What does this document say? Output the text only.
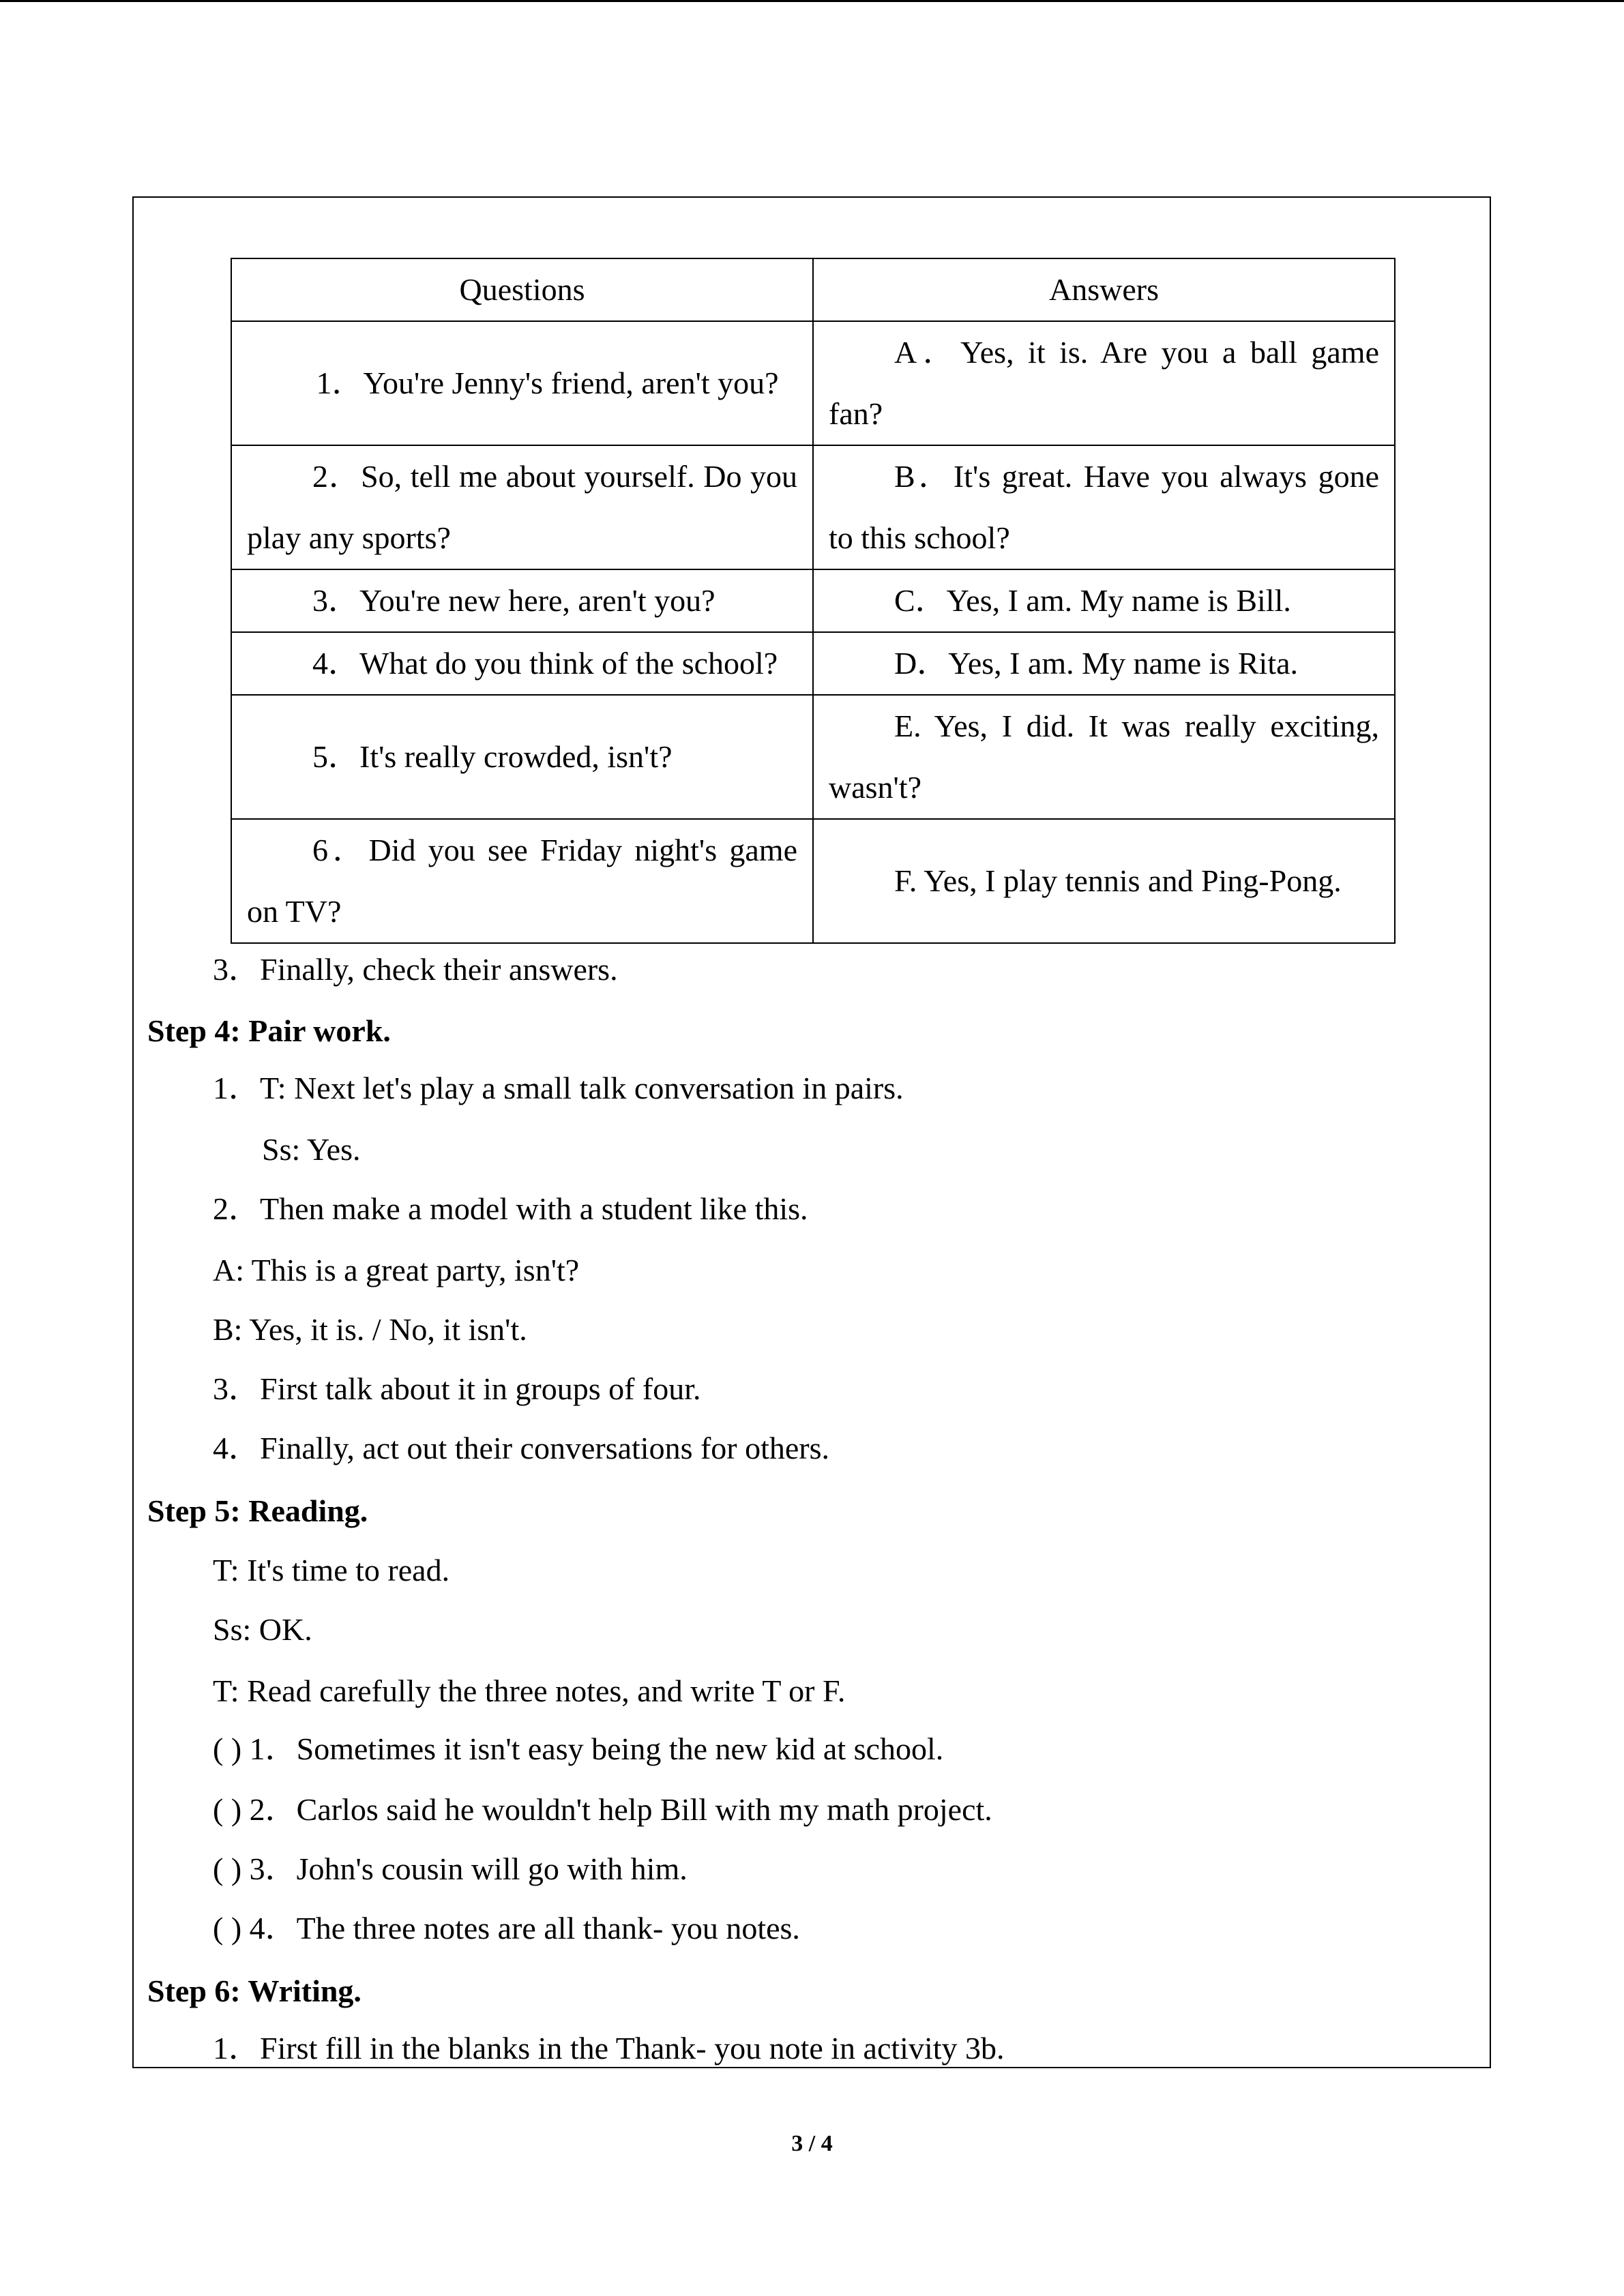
Questions	Answers
1．You're Jenny's friend, aren't you?	A．Yes, it is. Are you a ball game fan?
2．So, tell me about yourself. Do you play any sports?	B．It's great. Have you always gone to this school?
3．You're new here, aren't you?	C．Yes, I am. My name is Bill.
4．What do you think of the school?	D．Yes, I am. My name is Rita.
5．It's really crowded, isn't?	E. Yes, I did. It was really exciting, wasn't?
6．Did you see Friday night's game on TV?	F. Yes, I play tennis and Ping-Pong.
3．Finally, check their answers.
Step 4: Pair work.
1．T: Next let's play a small talk conversation in pairs.
Ss: Yes.
2．Then make a model with a student like this.
A: This is a great party, isn't?
B: Yes, it is. / No, it isn't.
3．First talk about it in groups of four.
4．Finally, act out their conversations for others.
Step 5: Reading.
T: It's time to read.
Ss: OK.
T: Read carefully the three notes, and write T or F.
( ) 1．Sometimes it isn't easy being the new kid at school.
( ) 2．Carlos said he wouldn't help Bill with my math project.
( ) 3．John's cousin will go with him.
( ) 4．The three notes are all thank- you notes.
Step 6: Writing.
1．First fill in the blanks in the Thank- you note in activity 3b.
3 / 4
